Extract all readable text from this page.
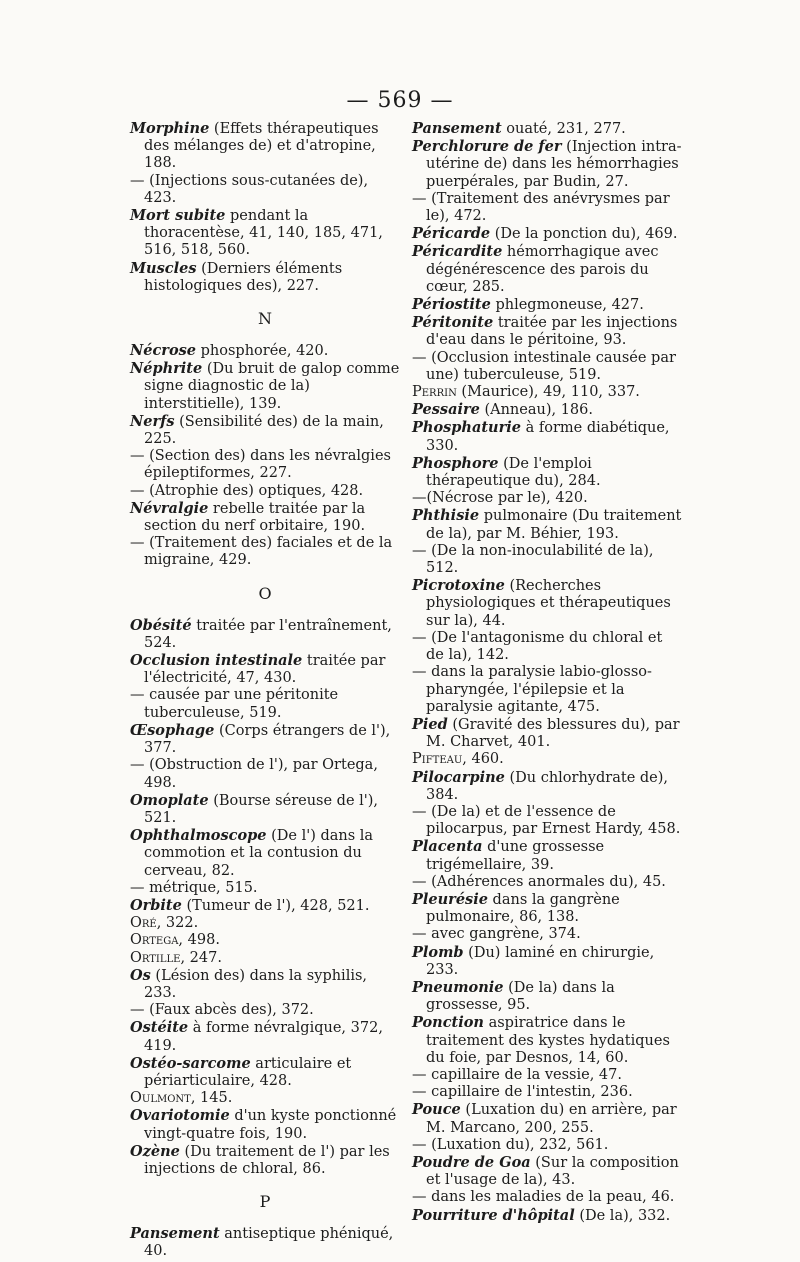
— 569 —

Morphine (Effets thérapeutiques des mélanges de) et d'atropine, 188.

— (Injections sous-cutanées de), 423.

Mort subite pendant la thoracentèse, 41, 140, 185, 471, 516, 518, 560.

Muscles (Derniers éléments histologiques des), 227.

N

Nécrose phosphorée, 420.

Néphrite (Du bruit de galop comme signe diagnostic de la) interstitielle), 139.

Nerfs (Sensibilité des) de la main, 225.

— (Section des) dans les névralgies épileptiformes, 227.

— (Atrophie des) optiques, 428.

Névralgie rebelle traitée par la section du nerf orbitaire, 190.

— (Traitement des) faciales et de la migraine, 429.

O

Obésité traitée par l'entraînement, 524.

Occlusion intestinale traitée par l'électricité, 47, 430.

— causée par une péritonite tuberculeuse, 519.

Œsophage (Corps étrangers de l'), 377.

— (Obstruction de l'), par Ortega, 498.

Omoplate (Bourse séreuse de l'), 521.

Ophthalmoscope (De l') dans la commotion et la contusion du cerveau, 82.

— métrique, 515.

Orbite (Tumeur de l'), 428, 521.

Oré, 322.

Ortega, 498.

Ortille, 247.

Os (Lésion des) dans la syphilis, 233.

— (Faux abcès des), 372.

Ostéite à forme névralgique, 372, 419.

Ostéo-sarcome articulaire et périarticulaire, 428.

Oulmont, 145.

Ovariotomie d'un kyste ponctionné vingt-quatre fois, 190.

Ozène (Du traitement de l') par les injections de chloral, 86.

P

Pansement antiseptique phéniqué, 40.

Pansement ouaté, 231, 277.

Perchlorure de fer (Injection intra-utérine de) dans les hémorrhagies puerpérales, par Budin, 27.

— (Traitement des anévrysmes par le), 472.

Péricarde (De la ponction du), 469.

Péricardite hémorrhagique avec dégénérescence des parois du cœur, 285.

Périostite phlegmoneuse, 427.

Péritonite traitée par les injections d'eau dans le péritoine, 93.

— (Occlusion intestinale causée par une) tuberculeuse, 519.

Perrin (Maurice), 49, 110, 337.

Pessaire (Anneau), 186.

Phosphaturie à forme diabétique, 330.

Phosphore (De l'emploi thérapeutique du), 284.

—(Nécrose par le), 420.

Phthisie pulmonaire (Du traitement de la), par M. Béhier, 193.

— (De la non-inoculabilité de la), 512.

Picrotoxine (Recherches physiologiques et thérapeutiques sur la), 44.

— (De l'antagonisme du chloral et de la), 142.

— dans la paralysie labio-glosso-pharyngée, l'épilepsie et la paralysie agitante, 475.

Pied (Gravité des blessures du), par M. Charvet, 401.

Pifteau, 460.

Pilocarpine (Du chlorhydrate de), 384.

— (De la) et de l'essence de pilocarpus, par Ernest Hardy, 458.

Placenta d'une grossesse trigémellaire, 39.

— (Adhérences anormales du), 45.

Pleurésie dans la gangrène pulmonaire, 86, 138.

— avec gangrène, 374.

Plomb (Du) laminé en chirurgie, 233.

Pneumonie (De la) dans la grossesse, 95.

Ponction aspiratrice dans le traitement des kystes hydatiques du foie, par Desnos, 14, 60.

— capillaire de la vessie, 47.

— capillaire de l'intestin, 236.

Pouce (Luxation du) en arrière, par M. Marcano, 200, 255.

— (Luxation du), 232, 561.

Poudre de Goa (Sur la composition et l'usage de la), 43.

— dans les maladies de la peau, 46.

Pourriture d'hôpital (De la), 332.
